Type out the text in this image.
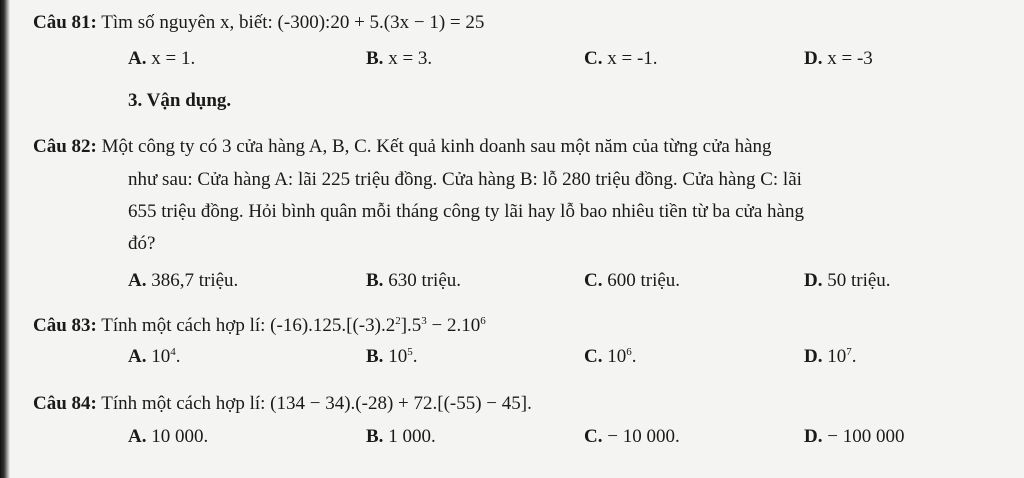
Câu 81: Tìm số nguyên x, biết: (-300):20 + 5.(3x − 1) = 25
A. x = 1.	B. x = 3.	C. x = -1.	D. x = -3
3. Vận dụng.
Câu 82: Một công ty có 3 cửa hàng A, B, C. Kết quả kinh doanh sau một năm của từng cửa hàng
như sau: Cửa hàng A: lãi 225 triệu đồng. Cửa hàng B: lỗ 280 triệu đồng. Cửa hàng C: lãi
655 triệu đồng. Hỏi bình quân mỗi tháng công ty lãi hay lỗ bao nhiêu tiền từ ba cửa hàng
đó?
A. 386,7 triệu.	B. 630 triệu.	C. 600 triệu.	D. 50 triệu.
Câu 83: Tính một cách hợp lí: $(-16).125.[(-3).2^2].5^3 - 2.10^6$
A. $10^4$.	B. $10^5$.	C. $10^6$.	D. $10^7$.
Câu 84: Tính một cách hợp lí: (134 − 34).(-28) + 72.[(-55) − 45].
A. 10 000.	B. 1 000.	C. − 10 000.	D. − 100 000
